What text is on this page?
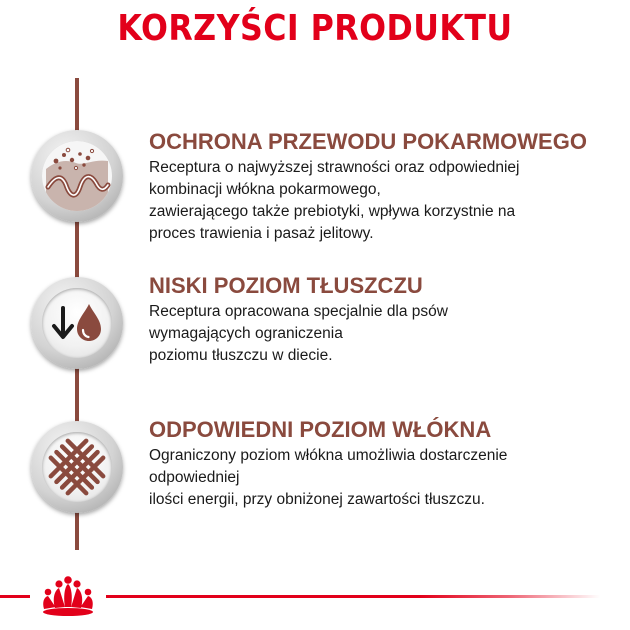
KORZYŚCI PRODUKTU
OCHRONA PRZEWODU POKARMOWEGO
Receptura o najwyższej strawności oraz odpowiedniej
kombinacji włókna pokarmowego,
zawierającego także prebiotyki, wpływa korzystnie na
proces trawienia i pasaż jelitowy.
NISKI POZIOM TŁUSZCZU
Receptura opracowana specjalnie dla psów
wymagających ograniczenia
poziomu tłuszczu w diecie.
ODPOWIEDNI POZIOM WŁÓKNA
Ograniczony poziom włókna umożliwia dostarczenie
odpowiedniej
ilości energii, przy obniżonej zawartości tłuszczu.
